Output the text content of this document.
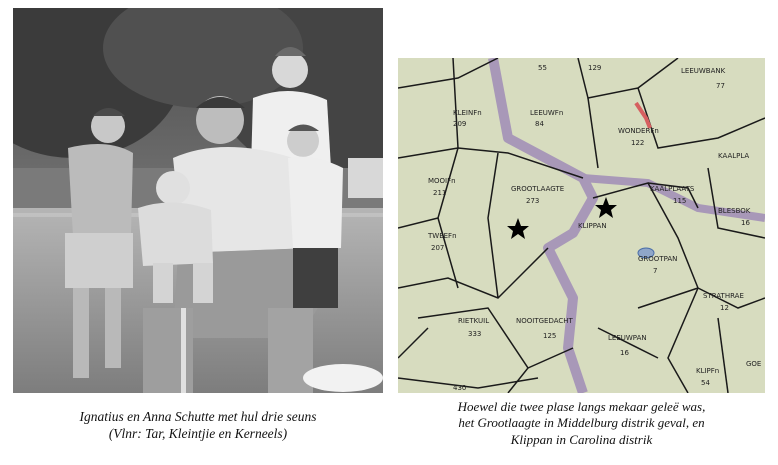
55	129	LEEUWBANK
77
KLEINFn
209
LEEUWFn
84
WONDERFn
122
KAALPLA
MOOIFn
211	GROOTLAAGTE
273
KAALPLAATS
115
BLESBOK
16
TWEEFn
207
KLIPPAN
GROOTPAN
7
STRATHRAE
12
RIETKUIL
333
NOOITGEDACHT
125	LEEUWPAN
16
KLIPFn
54
GOE
430
Ignatius en Anna Schutte met hul drie seuns
(Vlnr: Tar, Kleintjie en Kerneels)
Hoewel die twee plase langs mekaar geleë was,
het Grootlaagte in Middelburg distrik geval, en
Klippan in Carolina distrik
